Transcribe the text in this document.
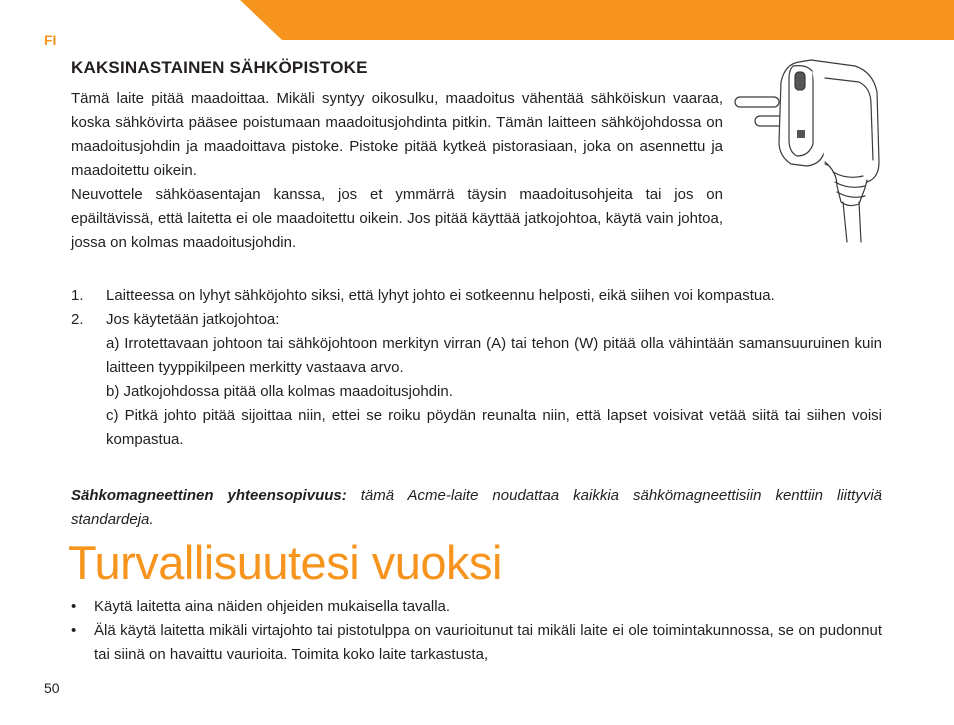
FI
KAKSINASTAINEN SÄHKÖPISTOKE

Tämä laite pitää maadoittaa. Mikäli syntyy oikosulku, maadoitus vähentää sähköiskun vaaraa, koska sähkövirta pääsee poistumaan maadoitusjohdinta pitkin. Tämän laitteen sähköjohdossa on maadoitusjohdin ja maadoittava pistoke. Pistoke pitää kytkeä pistorasiaan, joka on asennettu ja maadoitettu oikein.

Neuvottele sähköasentajan kanssa, jos et ymmärrä täysin maadoitusohjeita tai jos on epäiltävissä, että laitetta ei ole maadoitettu oikein. Jos pitää käyttää jatkojohtoa, käytä vain johtoa, jossa on kolmas maadoitusjohdin.

1. Laitteessa on lyhyt sähköjohto siksi, että lyhyt johto ei sotkeennu helposti, eikä siihen voi kompastua.
2. Jos käytetään jatkojohtoa:
a) Irrotettavaan johtoon tai sähköjohtoon merkityn virran (A) tai tehon (W) pitää olla vähintään samansuuruinen kuin laitteen tyyppikilpeen merkitty vastaava arvo.
b) Jatkojohdossa pitää olla kolmas maadoitusjohdin.
c) Pitkä johto pitää sijoittaa niin, ettei se roiku pöydän reunalta niin, että lapset voisivat vetää siitä tai siihen voisi kompastua.

Sähkomagneettinen yhteensopivuus: tämä Acme-laite noudattaa kaikkia sähkömagneettisiin kenttiin liittyviä standardeja.

Turvallisuutesi vuoksi
• Käytä laitetta aina näiden ohjeiden mukaisella tavalla.
• Älä käytä laitetta mikäli virtajohto tai pistotulppa on vaurioitunut tai mikäli laite ei ole toimintakunnossa, se on pudonnut tai siinä on havaittu vaurioita. Toimita koko laite tarkastusta,
50
